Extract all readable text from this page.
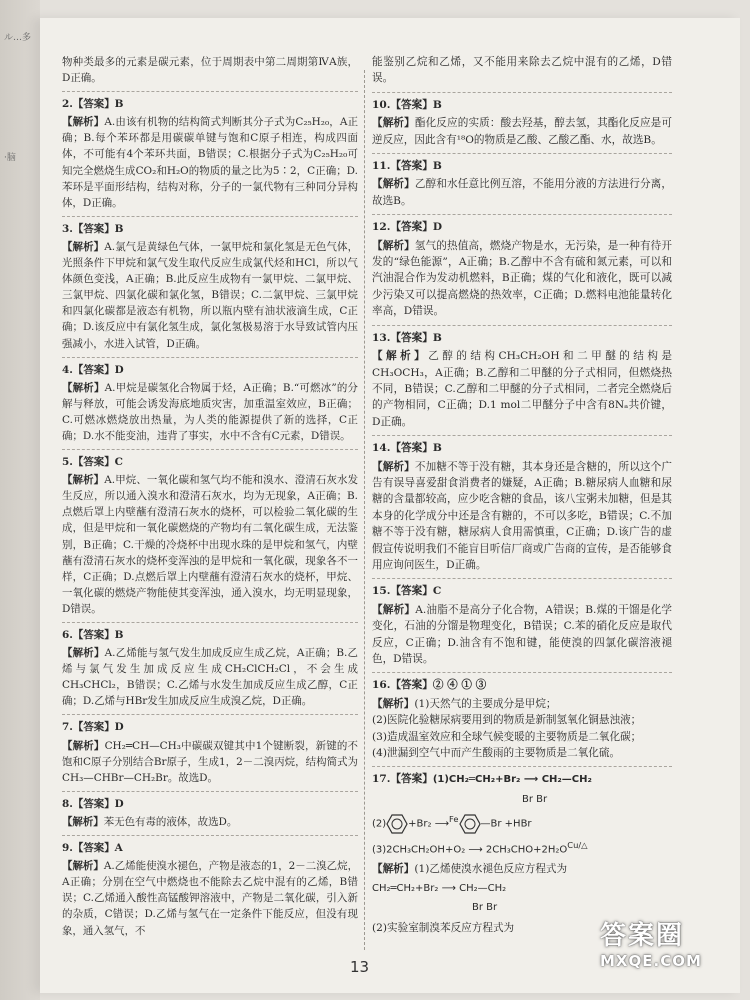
ル…多
·脑
物种类最多的元素是碳元素，位于周期表中第二周期第ⅣA族，D正确。
2.【答案】B
【解析】A.由该有机物的结构简式判断其分子式为C₂₅H₂₀，A正确；B.每个苯环都是用碳碳单键与饱和C原子相连，构成四面体，不可能有4个苯环共面，B错误；C.根据分子式为C₂₅H₂₀可知完全燃烧生成CO₂和H₂O的物质的量之比为5∶2，C正确；D.苯环是平面形结构，结构对称，分子的一氯代物有三种同分异构体，D正确。
3.【答案】B
【解析】A.氯气是黄绿色气体，一氯甲烷和氯化氢是无色气体，光照条件下甲烷和氯气发生取代反应生成氯代烃和HCl，所以气体颜色变浅，A正确；B.此反应生成物有一氯甲烷、二氯甲烷、三氯甲烷、四氯化碳和氯化氢，B错误；C.二氯甲烷、三氯甲烷和四氯化碳都是液态有机物，所以瓶内壁有油状液滴生成，C正确；D.该反应中有氯化氢生成，氯化氢极易溶于水导致试管内压强减小，水进入试管，D正确。
4.【答案】D
【解析】A.甲烷是碳氢化合物属于烃，A正确；B.“可燃冰”的分解与释放，可能会诱发海底地质灾害，加重温室效应，B正确；C.可燃冰燃烧放出热量，为人类的能源提供了新的选择，C正确；D.水不能变油，违背了事实，水中不含有C元素，D错误。
5.【答案】C
【解析】A.甲烷、一氧化碳和氢气均不能和溴水、澄清石灰水发生反应，所以通入溴水和澄清石灰水，均为无现象，A正确；B.点燃后罩上内壁蘸有澄清石灰水的烧杯，可以检验二氧化碳的生成，但是甲烷和一氧化碳燃烧的产物均有二氧化碳生成，无法鉴别，B正确；C.干燥的冷烧杯中出现水珠的是甲烷和氢气，内壁蘸有澄清石灰水的烧杯变浑浊的是甲烷和一氧化碳，现象各不一样，C正确；D.点燃后罩上内壁蘸有澄清石灰水的烧杯，甲烷、一氧化碳的燃烧产物能使其变浑浊，通入溴水，均无明显现象，D错误。
6.【答案】B
【解析】A.乙烯能与氢气发生加成反应生成乙烷，A正确；B.乙烯与氯气发生加成反应生成CH₂ClCH₂Cl，不会生成CH₃CHCl₂，B错误；C.乙烯与水发生加成反应生成乙醇，C正确；D.乙烯与HBr发生加成反应生成溴乙烷，D正确。
7.【答案】D
【解析】CH₂═CH—CH₃中碳碳双键其中1个键断裂，新键的不饱和C原子分别结合Br原子，生成1，2－二溴丙烷，结构简式为CH₃—CHBr—CH₂Br。故选D。
8.【答案】D
【解析】苯无色有毒的液体，故选D。
9.【答案】A
【解析】A.乙烯能使溴水褪色，产物是液态的1，2－二溴乙烷，A正确；分别在空气中燃烧也不能除去乙烷中混有的乙烯，B错误；C.乙烯通入酸性高锰酸钾溶液中，产物是二氧化碳，引入新的杂质，C错误；D.乙烯与氢气在一定条件下能反应，但没有现象，通入氢气，不
能鉴别乙烷和乙烯，又不能用来除去乙烷中混有的乙烯，D错误。
10.【答案】B
【解析】酯化反应的实质：酸去羟基，醇去氢，其酯化反应是可逆反应，因此含有¹⁸O的物质是乙酸、乙酸乙酯、水，故选B。
11.【答案】B
【解析】乙醇和水任意比例互溶，不能用分液的方法进行分离，故选B。
12.【答案】D
【解析】氢气的热值高，燃烧产物是水，无污染，是一种有待开发的“绿色能源”，A正确；B.乙醇中不含有硫和氮元素，可以和汽油混合作为发动机燃料，B正确；煤的气化和液化，既可以减少污染又可以提高燃烧的热效率，C正确；D.燃料电池能量转化率高，D错误。
13.【答案】B
【解析】乙醇的结构CH₃CH₂OH和二甲醚的结构是CH₃OCH₃，A正确；B.乙醇和二甲醚的分子式相同，但燃烧热不同，B错误；C.乙醇和二甲醚的分子式相同，二者完全燃烧后的产物相同，C正确；D.1 mol二甲醚分子中含有8Nₐ共价键，D正确。
14.【答案】B
【解析】不加糖不等于没有糖，其本身还是含糖的，所以这个广告有误导喜爱甜食消费者的嫌疑，A正确；B.糖尿病人血糖和尿糖的含量都较高，应少吃含糖的食品，该八宝粥未加糖，但是其本身的化学成分中还是含有糖的，不可以多吃，B错误；C.不加糖不等于没有糖，糖尿病人食用需慎重，C正确；D.该广告的虚假宣传说明我们不能盲目听信厂商或广告商的宣传，是否能够食用应询问医生，D正确。
15.【答案】C
【解析】A.油脂不是高分子化合物，A错误；B.煤的干馏是化学变化，石油的分馏是物理变化，B错误；C.苯的硝化反应是取代反应，C正确；D.油含有不饱和键，能使溴的四氯化碳溶液褪色，D错误。
16.【答案】② ④ ① ③
【解析】(1)天然气的主要成分是甲烷；
(2)医院化验糖尿病要用到的物质是新制氢氧化铜悬浊液；
(3)造成温室效应和全球气候变暖的主要物质是二氧化碳；
(4)泄漏到空气中而产生酸雨的主要物质是二氧化硫。
17.【答案】(1)CH₂═CH₂+Br₂ ⟶ CH₂—CH₂
Br Br
(2) +Br₂ ⟶$^{Fe}$ —Br +HBr
(3)2CH₃CH₂OH+O₂ ⟶ $2CH_3CHO+2H_2O^{Cu/\triangle}$
【解析】(1)乙烯使溴水褪色反应方程式为
CH₂═CH₂+Br₂ ⟶ CH₂—CH₂
Br Br
(2)实验室制溴苯反应方程式为
13
答案圈
MXQE.COM
